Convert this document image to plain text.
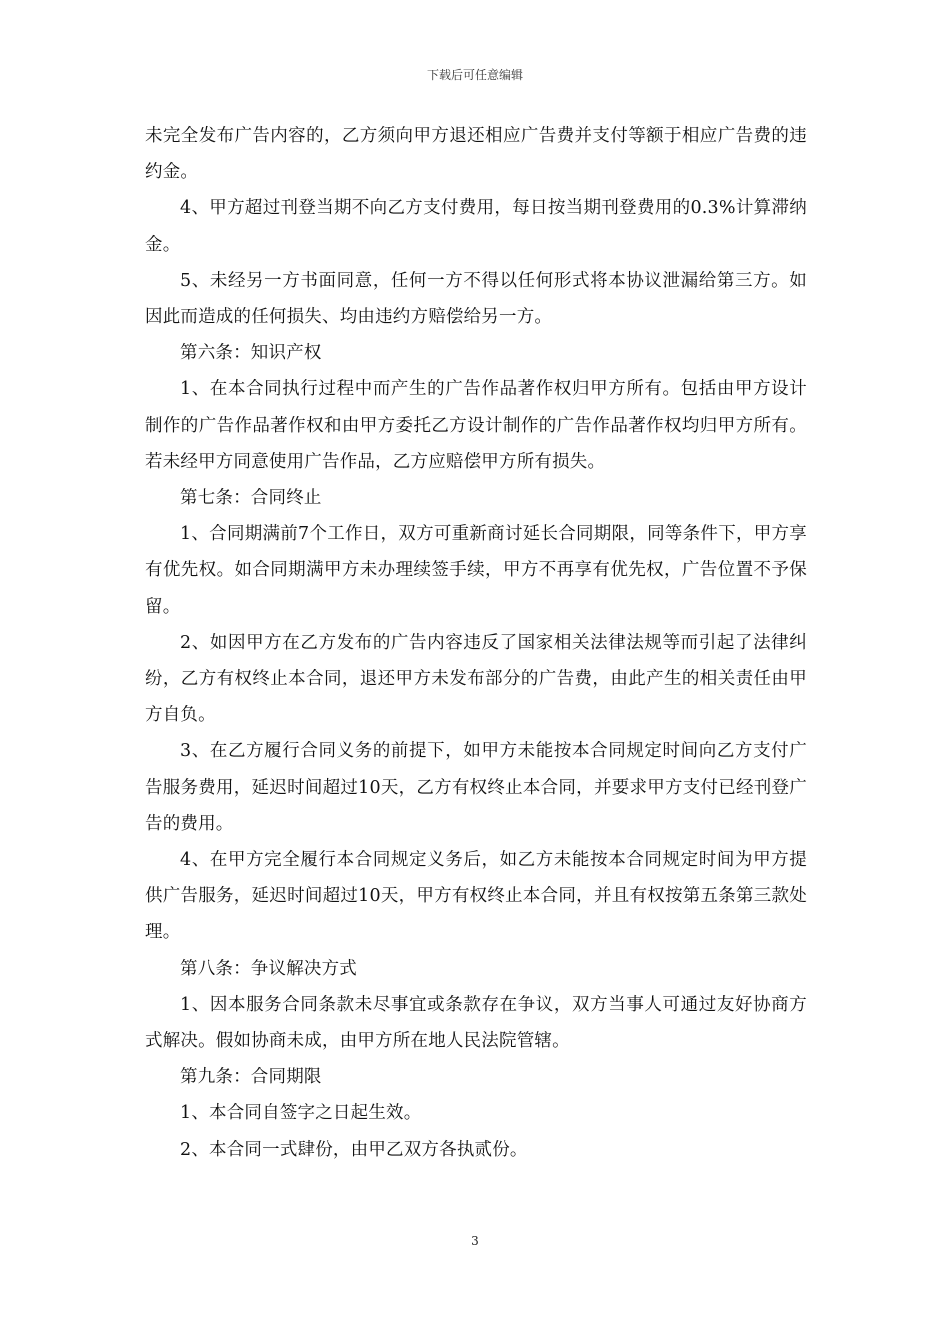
下载后可任意编辑

未完全发布广告内容的，乙方须向甲方退还相应广告费并支付等额于相应广告费的违约金。

4、甲方超过刊登当期不向乙方支付费用，每日按当期刊登费用的0.3%计算滞纳金。

5、未经另一方书面同意，任何一方不得以任何形式将本协议泄漏给第三方。如因此而造成的任何损失、均由违约方赔偿给另一方。

第六条：知识产权

1、在本合同执行过程中而产生的广告作品著作权归甲方所有。包括由甲方设计制作的广告作品著作权和由甲方委托乙方设计制作的广告作品著作权均归甲方所有。若未经甲方同意使用广告作品，乙方应赔偿甲方所有损失。

第七条：合同终止

1、合同期满前7个工作日，双方可重新商讨延长合同期限，同等条件下，甲方享有优先权。如合同期满甲方未办理续签手续，甲方不再享有优先权，广告位置不予保留。

2、如因甲方在乙方发布的广告内容违反了国家相关法律法规等而引起了法律纠纷，乙方有权终止本合同，退还甲方未发布部分的广告费，由此产生的相关责任由甲方自负。

3、在乙方履行合同义务的前提下，如甲方未能按本合同规定时间向乙方支付广告服务费用，延迟时间超过10天，乙方有权终止本合同，并要求甲方支付已经刊登广告的费用。

4、在甲方完全履行本合同规定义务后，如乙方未能按本合同规定时间为甲方提供广告服务，延迟时间超过10天，甲方有权终止本合同，并且有权按第五条第三款处理。

第八条：争议解决方式

1、因本服务合同条款未尽事宜或条款存在争议，双方当事人可通过友好协商方式解决。假如协商未成，由甲方所在地人民法院管辖。

第九条：合同期限

1、本合同自签字之日起生效。

2、本合同一式肆份，由甲乙双方各执贰份。

3
